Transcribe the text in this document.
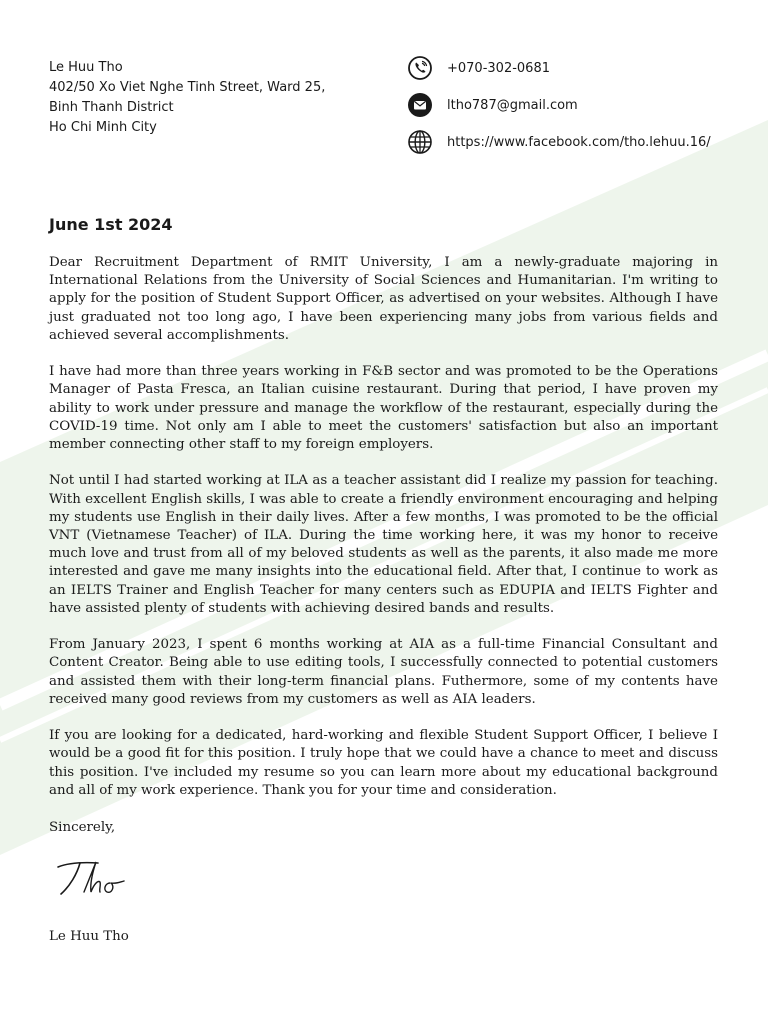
Le Huu Tho
402/50 Xo Viet Nghe Tinh Street, Ward 25,
Binh Thanh District
Ho Chi Minh City
+070-302-0681
ltho787@gmail.com
https://www.facebook.com/tho.lehuu.16/
June 1st 2024

Dear Recruitment Department of RMIT University, I am a newly-graduate majoring in International Relations from the University of Social Sciences and Humanitarian. I'm writing to apply for the position of Student Support Officer, as advertised on your websites. Although I have just graduated not too long ago, I have been experiencing many jobs from various fields and achieved several accomplishments.

I have had more than three years working in F&B sector and was promoted to be the Operations Manager of Pasta Fresca, an Italian cuisine restaurant. During that period, I have proven my ability to work under pressure and manage the workflow of the restaurant, especially during the COVID-19 time. Not only am I able to meet the customers' satisfaction but also an important member connecting other staff to my foreign employers.

Not until I had started working at ILA as a teacher assistant did I realize my passion for teaching. With excellent English skills, I was able to create a friendly environment encouraging and helping my students use English in their daily lives. After a few months, I was promoted to be the official VNT (Vietnamese Teacher) of ILA. During the time working here, it was my honor to receive much love and trust from all of my beloved students as well as the parents, it also made me more interested and gave me many insights into the educational field. After that, I continue to work as an IELTS Trainer and English Teacher for many centers such as EDUPIA and IELTS Fighter and have assisted plenty of students with achieving desired bands and results.

From January 2023, I spent 6 months working at AIA as a full-time Financial Consultant and Content Creator. Being able to use editing tools, I successfully connected to potential customers and assisted them with their long-term financial plans. Futhermore, some of my contents have received many good reviews from my customers as well as AIA leaders.

If you are looking for a dedicated, hard-working and flexible Student Support Officer, I believe I would be a good fit for this position. I truly hope that we could have a chance to meet and discuss this position. I've included my resume so you can learn more about my educational background and all of my work experience. Thank you for your time and consideration.

Sincerely,
Le Huu Tho
